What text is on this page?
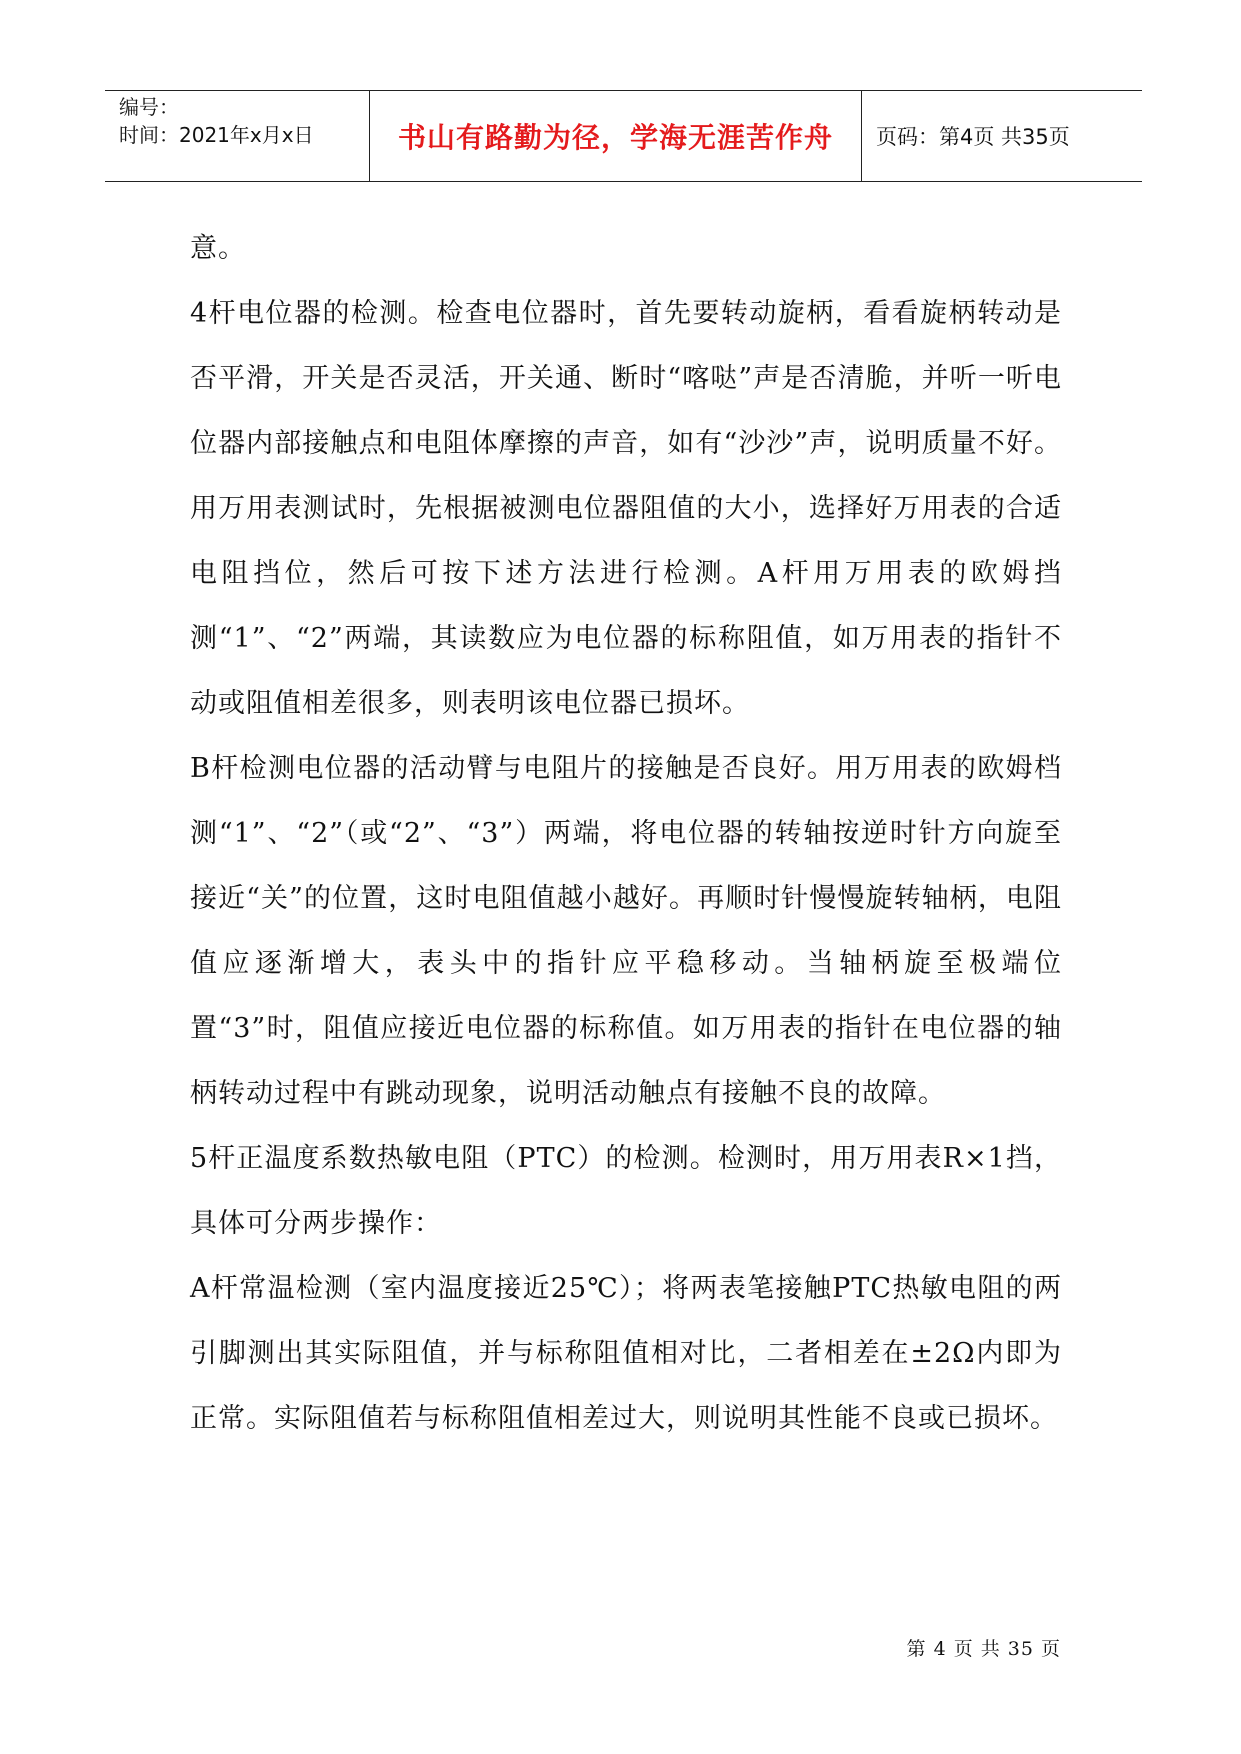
编号：
时间：2021年x月x日	书山有路勤为径，学海无涯苦作舟 页码：第4页 共35页

意。

4杆电位器的检测。检查电位器时，首先要转动旋柄，看看旋柄转动是否平滑，开关是否灵活，开关通、断时“喀哒”声是否清脆，并听一听电位器内部接触点和电阻体摩擦的声音，如有“沙沙”声，说明质量不好。用万用表测试时，先根据被测电位器阻值的大小，选择好万用表的合适电阻挡位，然后可按下述方法进行检测。A杆用万用表的欧姆挡测“1”、“2”两端，其读数应为电位器的标称阻值，如万用表的指针不动或阻值相差很多，则表明该电位器已损坏。

B杆检测电位器的活动臂与电阻片的接触是否良好。用万用表的欧姆档测“1”、“2”（或“2”、“3”）两端，将电位器的转轴按逆时针方向旋至接近“关”的位置，这时电阻值越小越好。再顺时针慢慢旋转轴柄，电阻值应逐渐增大，表头中的指针应平稳移动。当轴柄旋至极端位置“3”时，阻值应接近电位器的标称值。如万用表的指针在电位器的轴柄转动过程中有跳动现象，说明活动触点有接触不良的故障。

5杆正温度系数热敏电阻（PTC）的检测。检测时，用万用表R×1挡，具体可分两步操作：

A杆常温检测（室内温度接近25℃）；将两表笔接触PTC热敏电阻的两引脚测出其实际阻值，并与标称阻值相对比，二者相差在±2Ω内即为正常。实际阻值若与标称阻值相差过大，则说明其性能不良或已损坏。

第 4 页 共 35 页
